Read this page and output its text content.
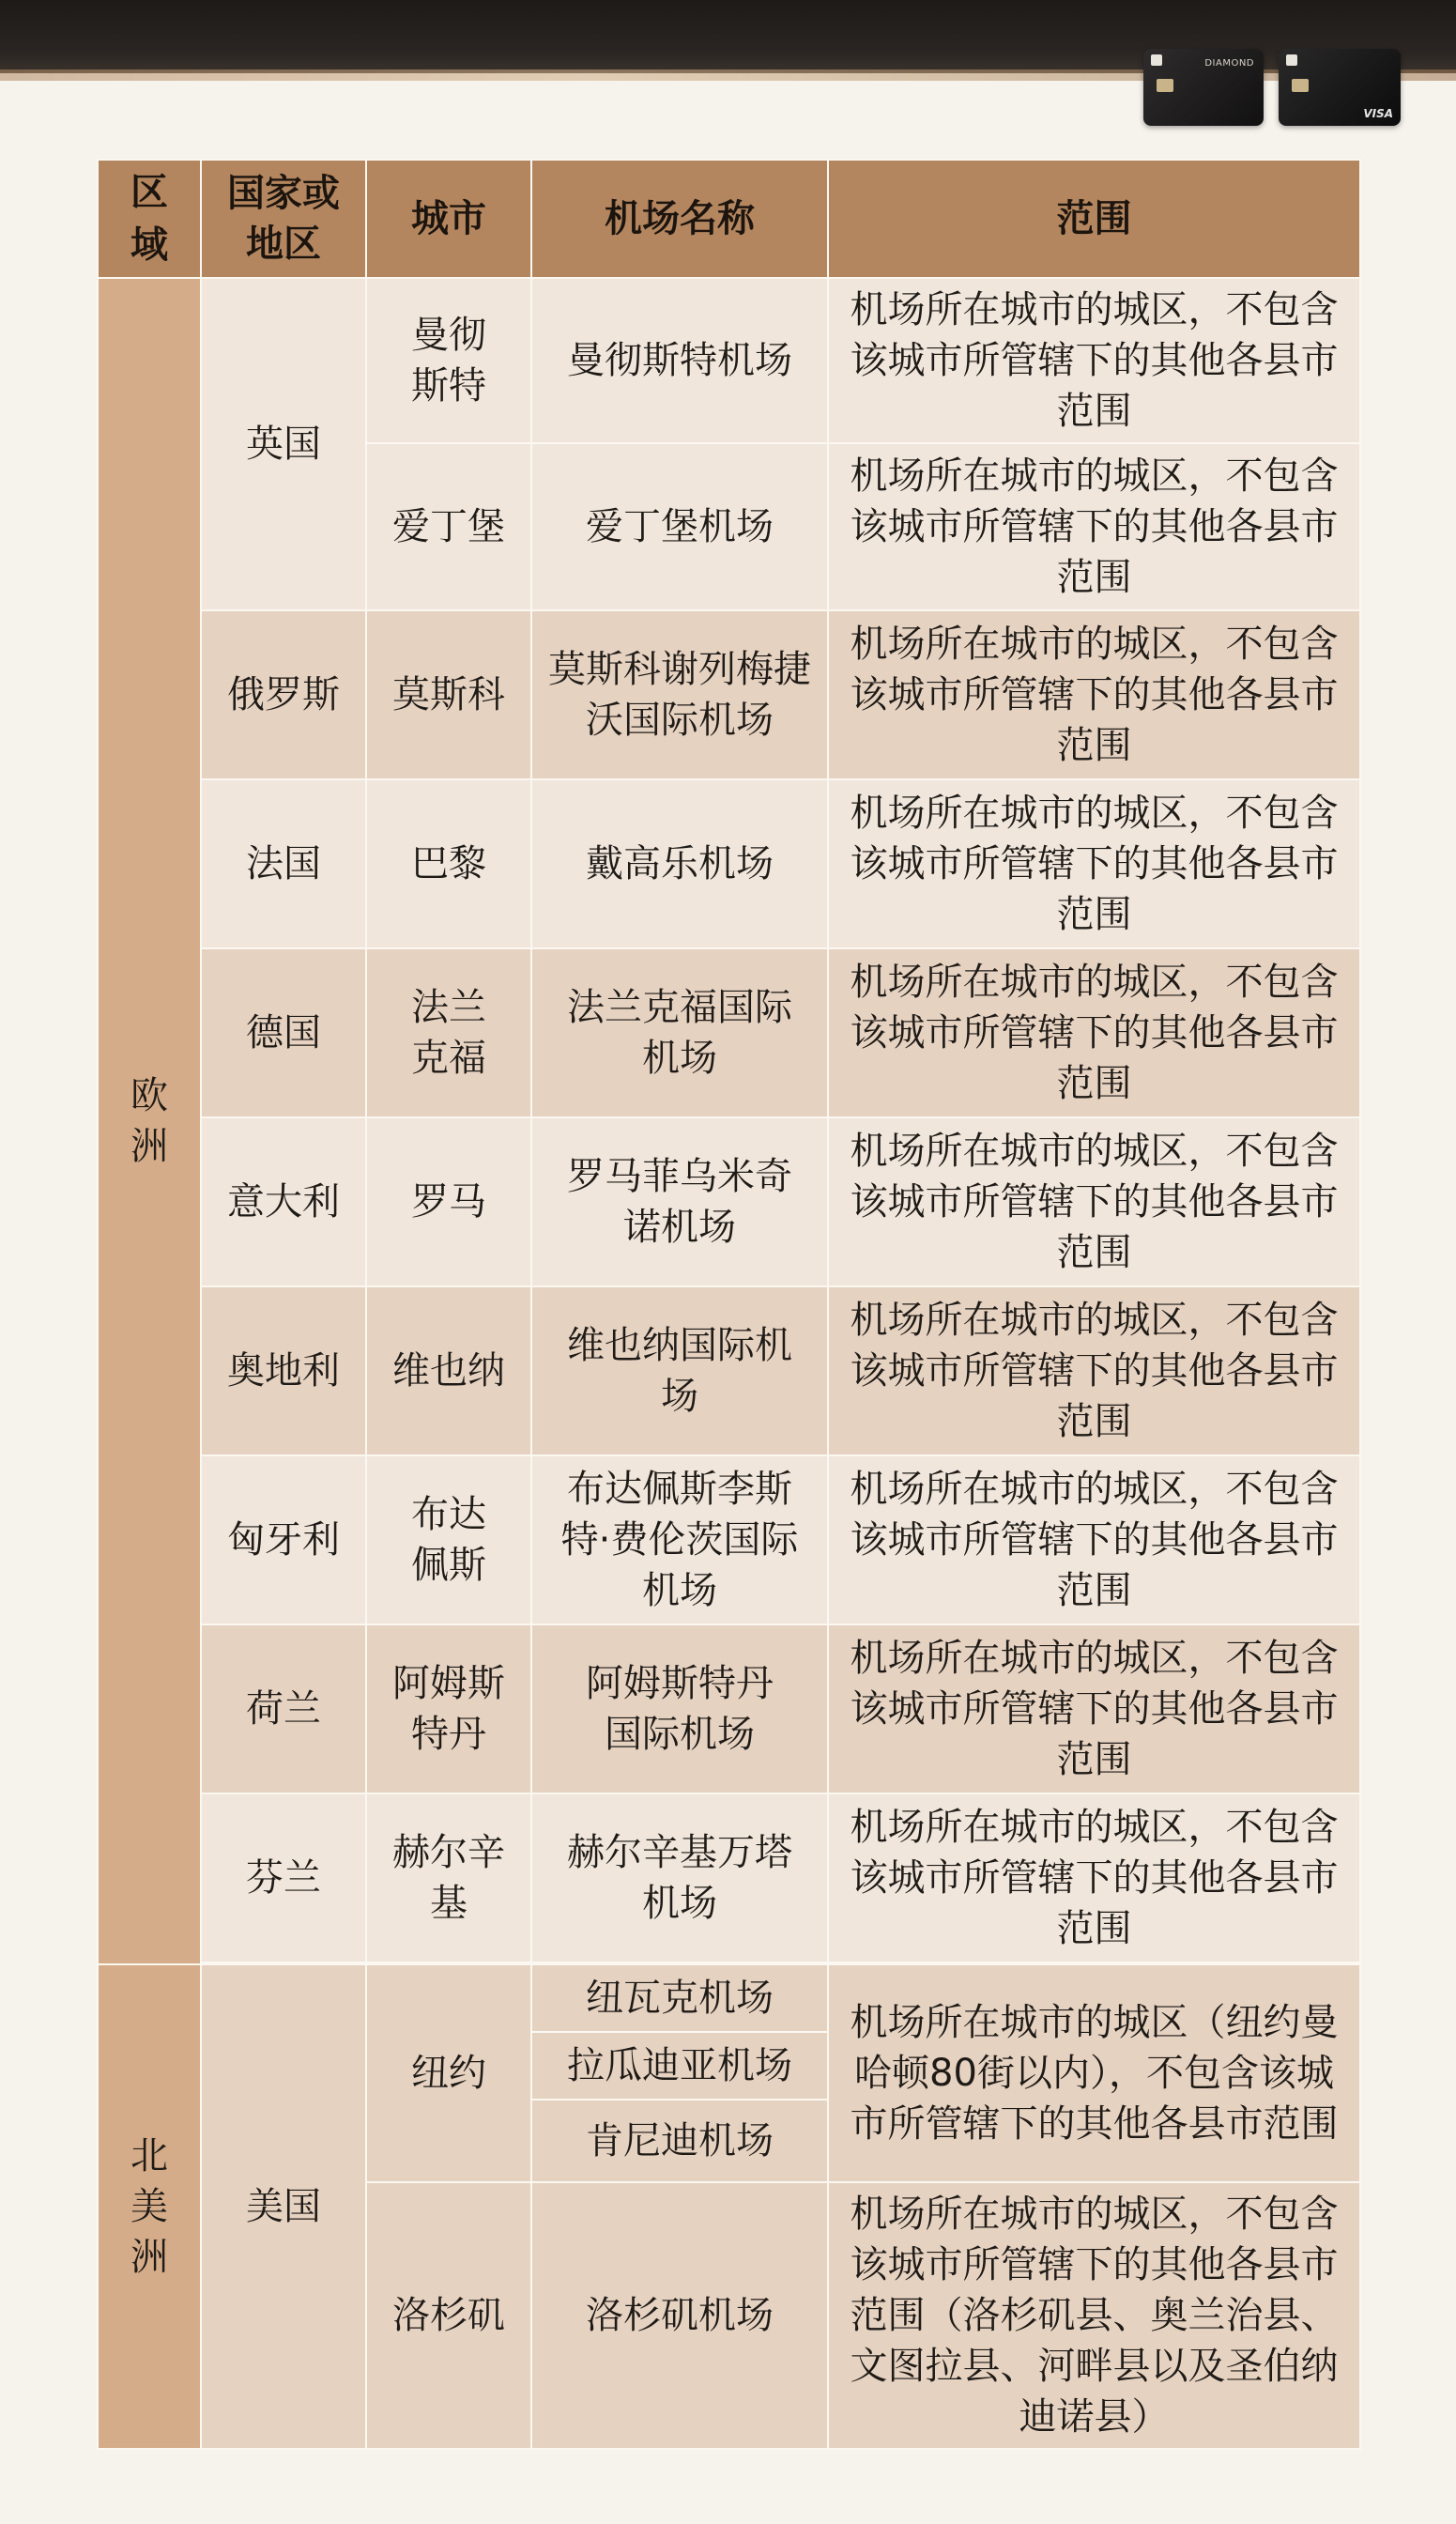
DIAMOND
VISA
区域	国家或地区	城市	机场名称	范围

欧洲	英国	曼彻斯特	曼彻斯特机场	机场所在城市的城区，不包含该城市所管辖下的其他各县市范围
		爱丁堡	爱丁堡机场	机场所在城市的城区，不包含该城市所管辖下的其他各县市范围
	俄罗斯	莫斯科	莫斯科谢列梅捷沃国际机场	机场所在城市的城区，不包含该城市所管辖下的其他各县市范围
	法国	巴黎	戴高乐机场	机场所在城市的城区，不包含该城市所管辖下的其他各县市范围
	德国	法兰克福	法兰克福国际机场	机场所在城市的城区，不包含该城市所管辖下的其他各县市范围
	意大利	罗马	罗马菲乌米奇诺机场	机场所在城市的城区，不包含该城市所管辖下的其他各县市范围
	奥地利	维也纳	维也纳国际机场	机场所在城市的城区，不包含该城市所管辖下的其他各县市范围
	匈牙利	布达佩斯	布达佩斯李斯特·费伦茨国际机场	机场所在城市的城区，不包含该城市所管辖下的其他各县市范围
	荷兰	阿姆斯特丹	阿姆斯特丹国际机场	机场所在城市的城区，不包含该城市所管辖下的其他各县市范围
	芬兰	赫尔辛基	赫尔辛基万塔机场	机场所在城市的城区，不包含该城市所管辖下的其他各县市范围

北美洲	美国	纽约	纽瓦克机场	机场所在城市的城区（纽约曼哈顿80街以内），不包含该城市所管辖下的其他各县市范围
			拉瓜迪亚机场	
			肯尼迪机场	
		洛杉矶	洛杉矶机场	机场所在城市的城区，不包含该城市所管辖下的其他各县市范围（洛杉矶县、奥兰治县、文图拉县、河畔县以及圣伯纳迪诺县）
